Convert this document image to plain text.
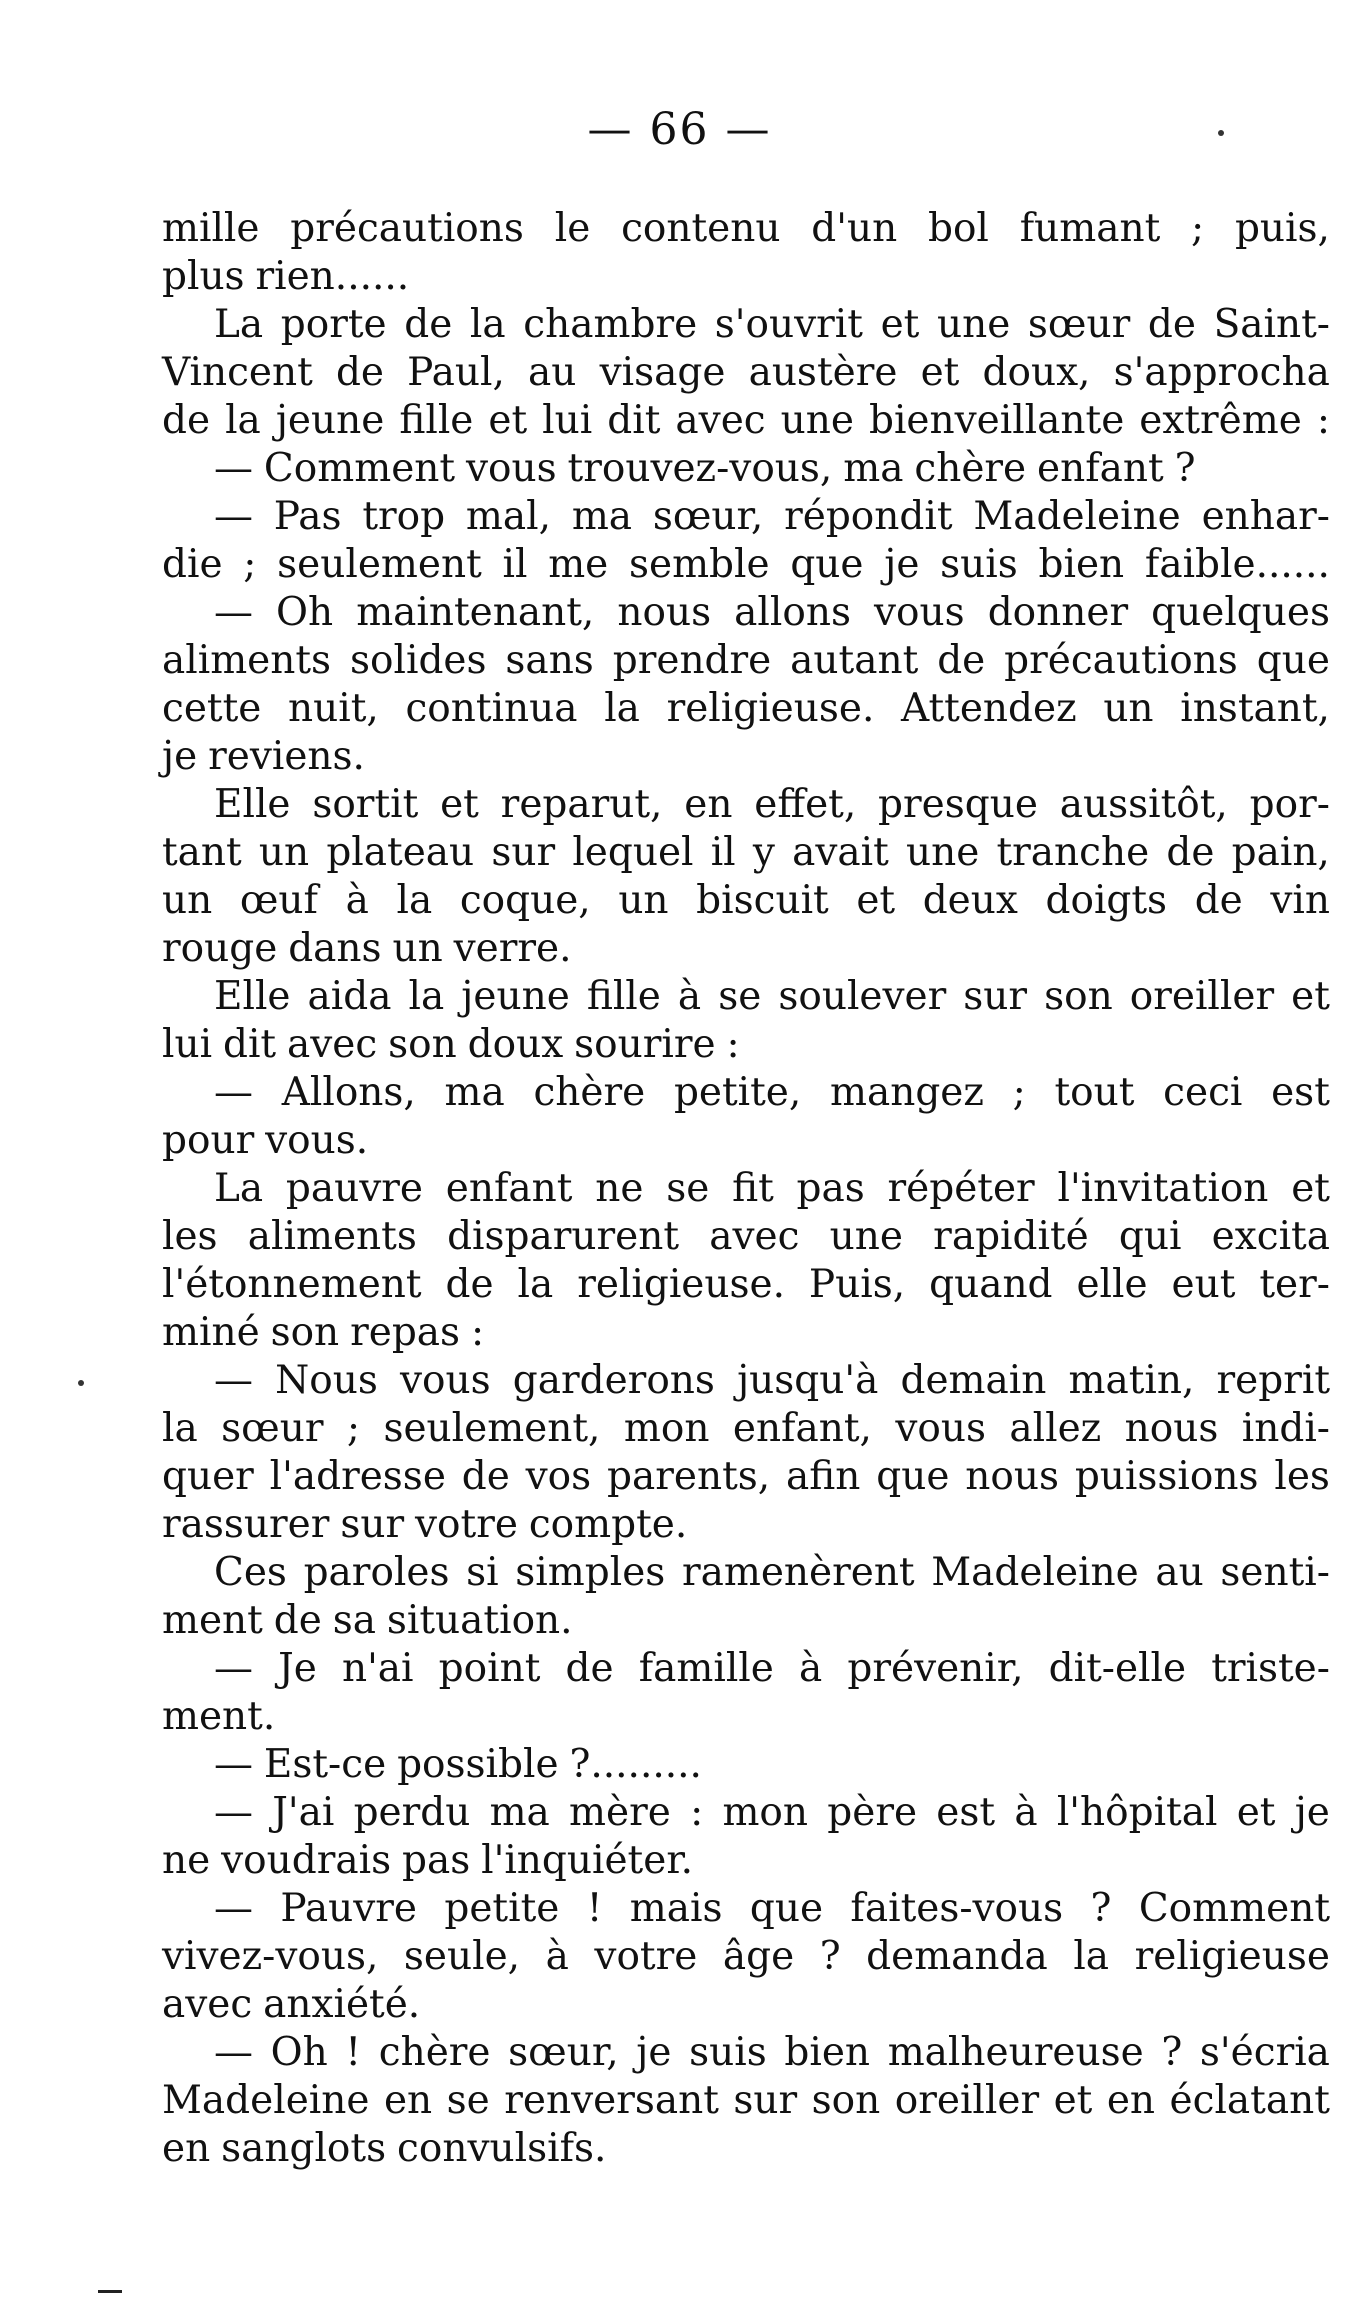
— 66 —
mille précautions le contenu d'un bol fumant ; puis,
plus rien......
La porte de la chambre s'ouvrit et une sœur de Saint-
Vincent de Paul, au visage austère et doux, s'approcha
de la jeune fille et lui dit avec une bienveillante extrême :
— Comment vous trouvez-vous, ma chère enfant ?
— Pas trop mal, ma sœur, répondit Madeleine enhar-
die ; seulement il me semble que je suis bien faible......
— Oh maintenant, nous allons vous donner quelques
aliments solides sans prendre autant de précautions que
cette nuit, continua la religieuse. Attendez un instant,
je reviens.
Elle sortit et reparut, en effet, presque aussitôt, por-
tant un plateau sur lequel il y avait une tranche de pain,
un œuf à la coque, un biscuit et deux doigts de vin
rouge dans un verre.
Elle aida la jeune fille à se soulever sur son oreiller et
lui dit avec son doux sourire :
— Allons, ma chère petite, mangez ; tout ceci est
pour vous.
La pauvre enfant ne se fit pas répéter l'invitation et
les aliments disparurent avec une rapidité qui excita
l'étonnement de la religieuse. Puis, quand elle eut ter-
miné son repas :
— Nous vous garderons jusqu'à demain matin, reprit
la sœur ; seulement, mon enfant, vous allez nous indi-
quer l'adresse de vos parents, afin que nous puissions les
rassurer sur votre compte.
Ces paroles si simples ramenèrent Madeleine au senti-
ment de sa situation.
— Je n'ai point de famille à prévenir, dit-elle triste-
ment.
— Est-ce possible ?.........
— J'ai perdu ma mère : mon père est à l'hôpital et je
ne voudrais pas l'inquiéter.
— Pauvre petite ! mais que faites-vous ? Comment
vivez-vous, seule, à votre âge ? demanda la religieuse
avec anxiété.
— Oh ! chère sœur, je suis bien malheureuse ? s'écria
Madeleine en se renversant sur son oreiller et en éclatant
en sanglots convulsifs.
